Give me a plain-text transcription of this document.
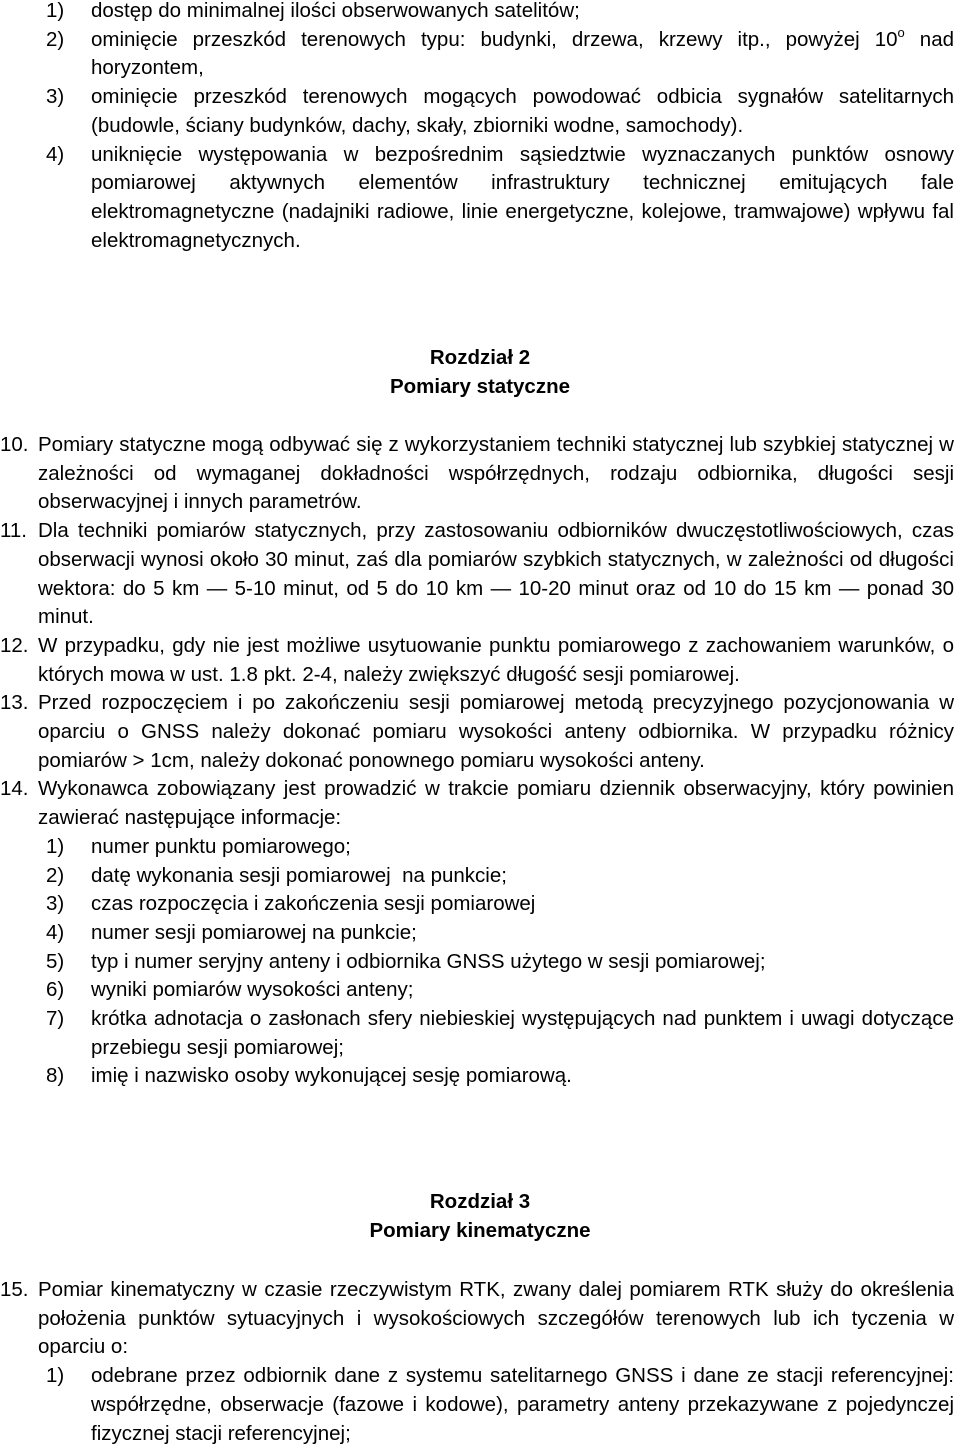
1)	dostęp do minimalnej ilości obserwowanych satelitów;
2)	ominięcie przeszkód terenowych typu: budynki, drzewa, krzewy itp., powyżej 10$^o$ nad horyzontem,
3)	ominięcie przeszkód terenowych mogących powodować odbicia sygnałów satelitarnych (budowle, ściany budynków, dachy, skały, zbiorniki wodne, samochody).
4)	uniknięcie występowania w bezpośrednim sąsiedztwie wyznaczanych punktów osnowy pomiarowej aktywnych elementów infrastruktury technicznej emitujących fale elektromagnetyczne (nadajniki radiowe, linie energetyczne, kolejowe, tramwajowe) wpływu fal elektromagnetycznych.
Rozdział 2
Pomiary statyczne
10. Pomiary statyczne mogą odbywać się z wykorzystaniem techniki statycznej lub szybkiej statycznej w zależności od wymaganej dokładności współrzędnych, rodzaju odbiornika, długości sesji obserwacyjnej i innych parametrów.
11. Dla techniki pomiarów statycznych, przy zastosowaniu odbiorników dwuczęstotliwościowych, czas obserwacji wynosi około 30 minut, zaś dla pomiarów szybkich statycznych, w zależności od długości wektora: do 5 km — 5-10 minut, od 5 do 10 km — 10-20 minut oraz od 10 do 15 km — ponad 30 minut.
12. W przypadku, gdy nie jest możliwe usytuowanie punktu pomiarowego z zachowaniem warunków, o których mowa w ust. 1.8 pkt. 2-4, należy zwiększyć długość sesji pomiarowej.
13. Przed rozpoczęciem i po zakończeniu sesji pomiarowej metodą precyzyjnego pozycjonowania w oparciu o GNSS należy dokonać pomiaru wysokości anteny odbiornika. W przypadku różnicy pomiarów > 1cm, należy dokonać ponownego pomiaru wysokości anteny.
14. Wykonawca zobowiązany jest prowadzić w trakcie pomiaru dziennik obserwacyjny, który powinien zawierać następujące informacje:
1)	numer punktu pomiarowego;
2)	datę wykonania sesji pomiarowej  na punkcie;
3)	czas rozpoczęcia i zakończenia sesji pomiarowej
4)	numer sesji pomiarowej na punkcie;
5)	typ i numer seryjny anteny i odbiornika GNSS użytego w sesji pomiarowej;
6)	wyniki pomiarów wysokości anteny;
7)	krótka adnotacja o zasłonach sfery niebieskiej występujących nad punktem i uwagi dotyczące przebiegu sesji pomiarowej;
8)	imię i nazwisko osoby wykonującej sesję pomiarową.
Rozdział 3
Pomiary kinematyczne
15. Pomiar kinematyczny w czasie rzeczywistym RTK, zwany dalej pomiarem RTK służy do określenia położenia punktów sytuacyjnych i wysokościowych szczegółów terenowych lub ich tyczenia w oparciu o:
1)	odebrane przez odbiornik dane z systemu satelitarnego GNSS i dane ze stacji referencyjnej: współrzędne, obserwacje (fazowe i kodowe), parametry anteny przekazywane z pojedynczej fizycznej stacji referencyjnej;
